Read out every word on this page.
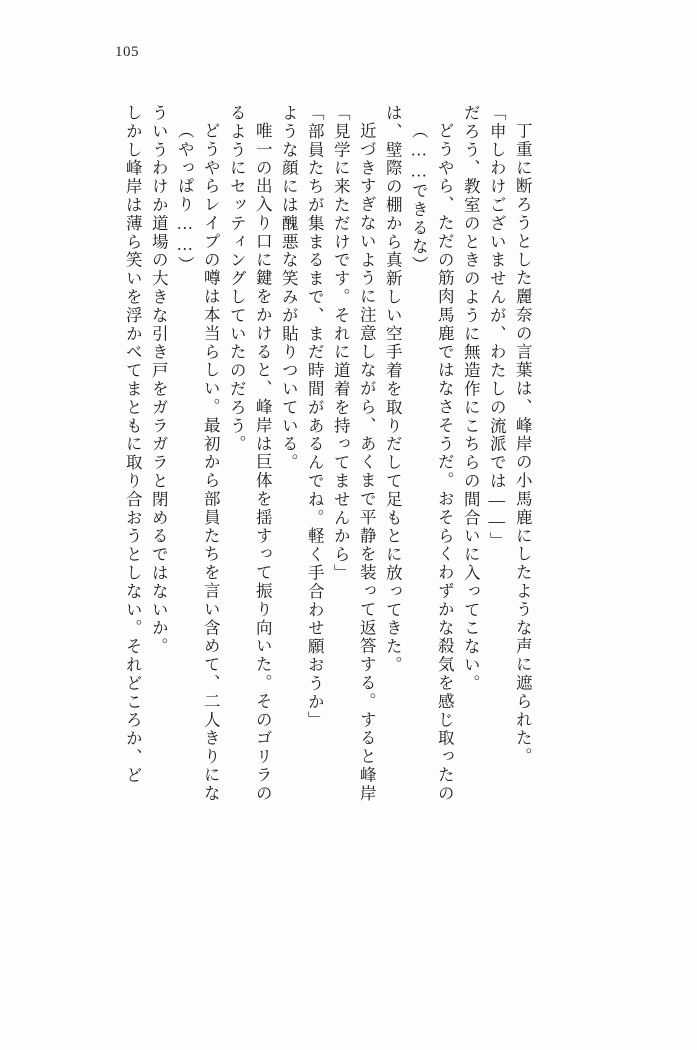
105
しかし峰岸は薄ら笑いを浮かべてまともに取り合おうとしない。それどころか、ど ういうわけか道場の大きな引き戸をガラガラと閉めるではないか。 （やっぱり……） どうやらレイプの噂は本当らしい。最初から部員たちを言い含めて、二人きりにな るようにセッティングしていたのだろう。 唯一の出入り口に鍵をかけると、峰岸は巨体を揺すって振り向いた。そのゴリラの ような顔には醜悪な笑みが貼りついている。 「部員たちが集まるまで、まだ時間があるんでね。軽く手合わせ願おうか」 「見学に来ただけです。それに道着を持ってませんから」 近づきすぎないように注意しながら、あくまで平静を装って返答する。すると峰岸 は、壁際の棚から真新しい空手着を取りだして足もとに放ってきた。 （……できるな） どうやら、ただの筋肉馬鹿ではなさそうだ。おそらくわずかな殺気を感じ取ったの だろう、教室のときのように無造作にこちらの間合いに入ってこない。 「申しわけございませんが、わたしの流派では——」 丁重に断ろうとした麗奈の言葉は、峰岸の小馬鹿にしたような声に遮られた。
